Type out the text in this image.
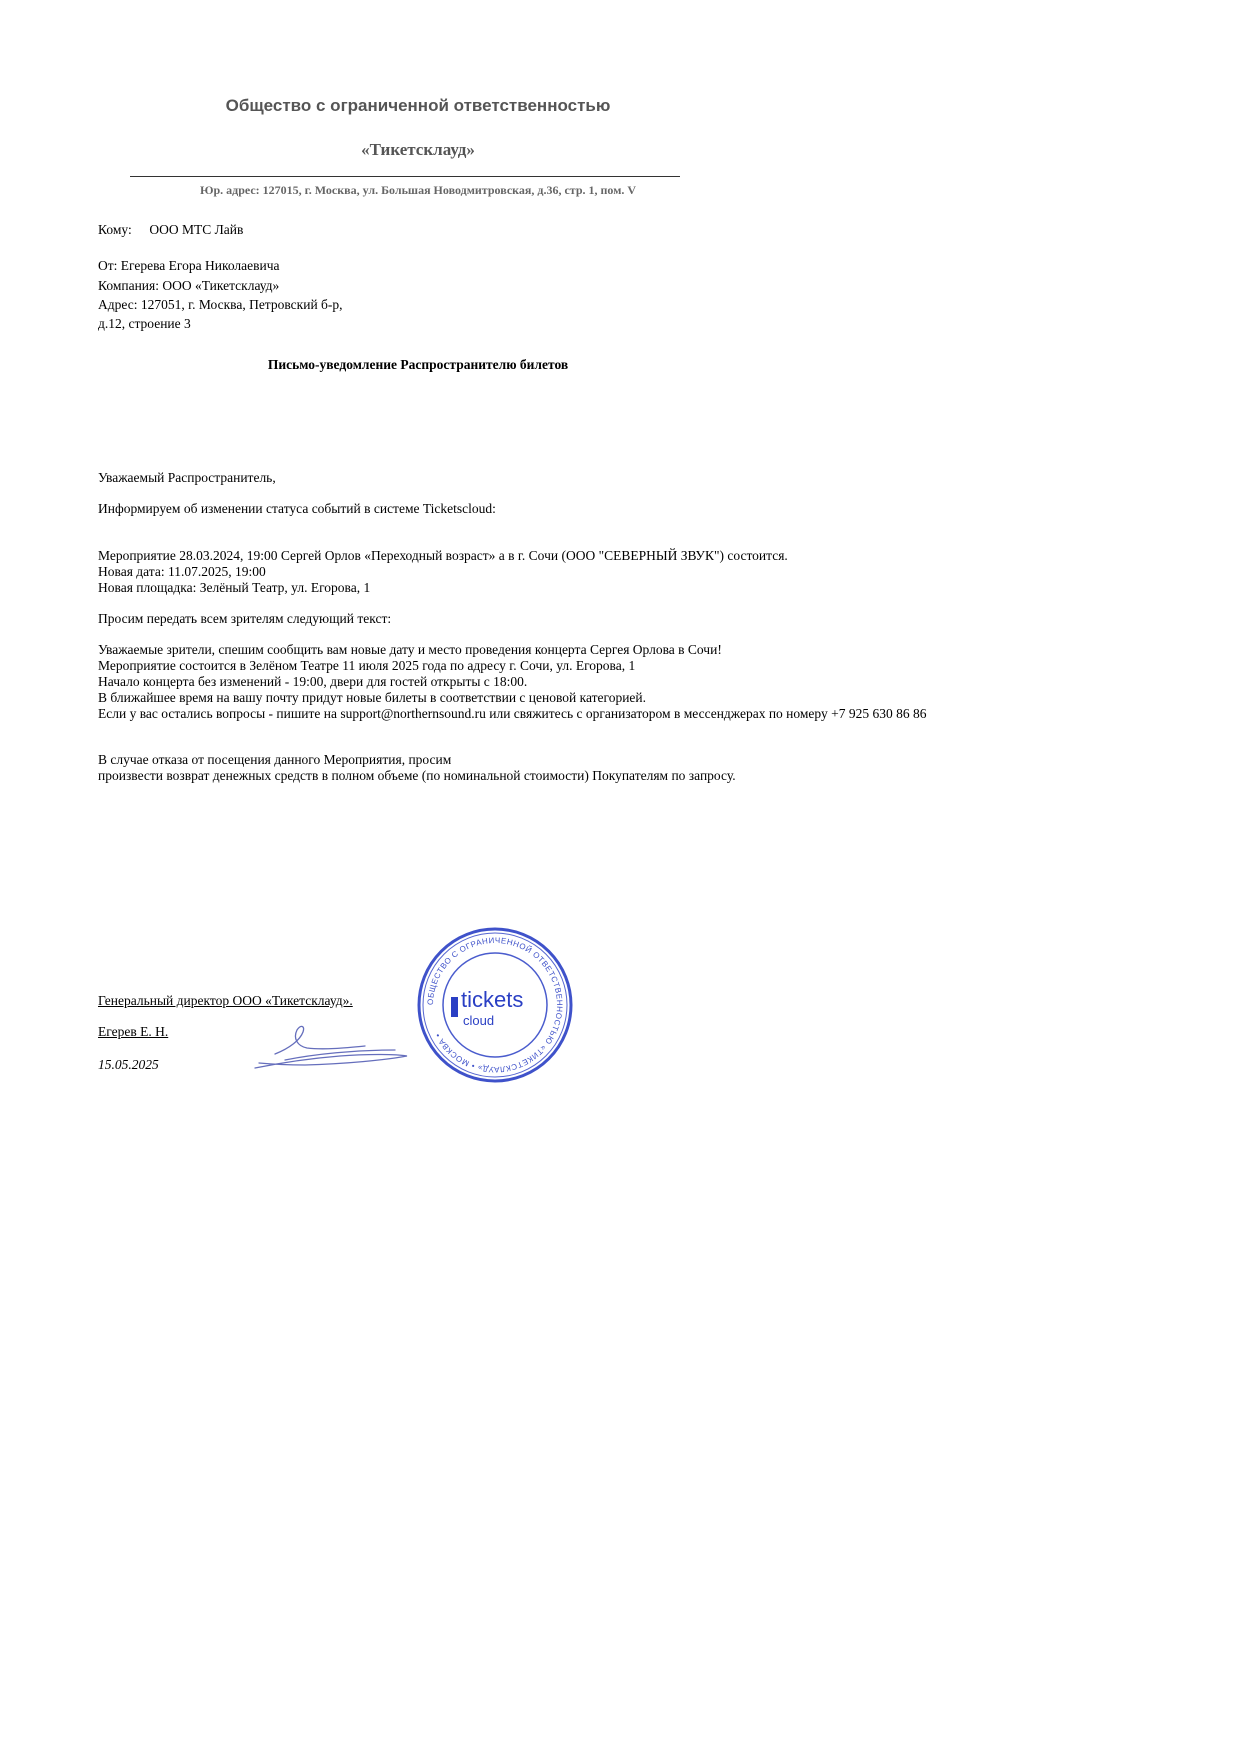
Общество с ограниченной ответственностью
«Тикетсклауд»
Юр. адрес: 127015, г. Москва, ул. Большая Новодмитровская, д.36, стр. 1, пом. V
Кому: ООО МТС Лайв
От: Егерева Егора Николаевича
Компания: ООО «Тикетсклауд»
Адрес: 127051, г. Москва, Петровский б-р,
д.12, строение 3
Письмо-уведомление Распространителю билетов
Уважаемый Распространитель,
Информируем об изменении статуса событий в системе Ticketscloud:
Мероприятие 28.03.2024, 19:00 Сергей Орлов «Переходный возраст» а в г. Сочи (ООО "СЕВЕРНЫЙ ЗВУК") состоится.
Новая дата: 11.07.2025, 19:00
Новая площадка: Зелёный Театр, ул. Егорова, 1
Просим передать всем зрителям следующий текст:
Уважаемые зрители, спешим сообщить вам новые дату и место проведения концерта Сергея Орлова в Сочи!
Мероприятие состоится в Зелёном Театре 11 июля 2025 года по адресу г. Сочи, ул. Егорова, 1
Начало концерта без изменений - 19:00, двери для гостей открыты с 18:00.
В ближайшее время на вашу почту придут новые билеты в соответствии с ценовой категорией.
Если у вас остались вопросы - пишите на support@northernsound.ru или свяжитесь с организатором в мессенджерах по номеру +7 925 630 86 86
В случае отказа от посещения данного Мероприятия, просим
произвести возврат денежных средств в полном объеме (по номинальной стоимости) Покупателям по запросу.
Генеральный директор ООО «Тикетсклауд».
Егерев Е. Н.
15.05.2025
ОБЩЕСТВО С ОГРАНИЧЕННОЙ ОТВЕТСТВЕННОСТЬЮ «ТИКЕТСКЛАУД» • МОСКВА •
tickets
cloud
